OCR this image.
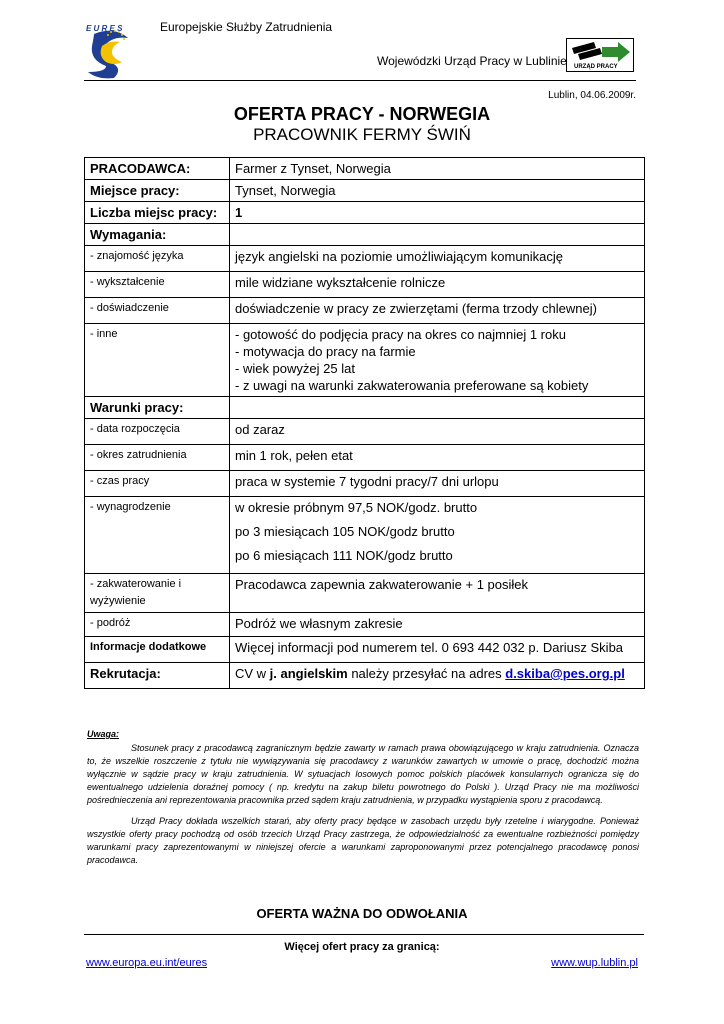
E U R E S	Europejskie Służby Zatrudnienia
Wojewódzki Urząd Pracy w Lublinie URZĄD PRACY
Lublin, 04.06.2009r.
OFERTA PRACY - NORWEGIA
PRACOWNIK FERMY ŚWIŃ
PRACODAWCA:	Farmer z Tynset, Norwegia
Miejsce pracy:	Tynset, Norwegia
Liczba miejsc pracy:	1
Wymagania:	
- znajomość języka	język angielski na poziomie umożliwiającym komunikację
- wykształcenie	mile widziane wykształcenie rolnicze
- doświadczenie	doświadczenie w pracy ze zwierzętami (ferma trzody chlewnej)
- inne	- gotowość do podjęcia pracy na okres co najmniej 1 roku
- motywacja do pracy na farmie
- wiek powyżej 25 lat
- z uwagi na warunki zakwaterowania preferowane są kobiety

Warunki pracy:	
- data rozpoczęcia	od zaraz
- okres zatrudnienia	min 1 rok, pełen etat
- czas pracy	praca w systemie 7 tygodni pracy/7 dni urlopu
- wynagrodzenie	w okresie próbnym 97,5 NOK/godz. brutto
po 3 miesiącach 105 NOK/godz brutto
po 6 miesiącach 111 NOK/godz brutto

- zakwaterowanie i wyżywienie	Pracodawca zapewnia zakwaterowanie + 1 posiłek
- podróż	Podróż we własnym zakresie
Informacje dodatkowe	Więcej informacji pod numerem tel. 0 693 442 032 p. Dariusz Skiba
Rekrutacja:	CV w j. angielskim należy przesyłać na adres d.skiba@pes.org.pl
Uwaga:
Stosunek pracy z pracodawcą zagranicznym będzie zawarty w ramach prawa obowiązującego w kraju zatrudnienia. Oznacza to, że wszelkie roszczenie z tytułu nie wywiązywania się pracodawcy z warunków zawartych w umowie o pracę, dochodzić można wyłącznie w sądzie pracy w kraju zatrudnienia. W sytuacjach losowych pomoc polskich placówek konsularnych ogranicza się do ewentualnego udzielenia doraźnej pomocy ( np. kredytu na zakup biletu powrotnego do Polski ). Urząd Pracy nie ma możliwości pośrednieczenia ani reprezentowania pracownika przed sądem kraju zatrudnienia, w przypadku wystąpienia sporu z pracodawcą.
Urząd Pracy dokłada wszelkich starań, aby oferty pracy będące w zasobach urzędu były rzetelne i wiarygodne. Ponieważ wszystkie oferty pracy pochodzą od osób trzecich Urząd Pracy zastrzega, że odpowiedzialność za ewentualne rozbieżności pomiędzy warunkami pracy zaprezentowanymi w niniejszej ofercie a warunkami zaproponowanymi przez potencjalnego pracodawcę ponosi pracodawca.
OFERTA WAŻNA DO ODWOŁANIA
Więcej ofert pracy za granicą:
www.europa.eu.int/eures	www.wup.lublin.pl
